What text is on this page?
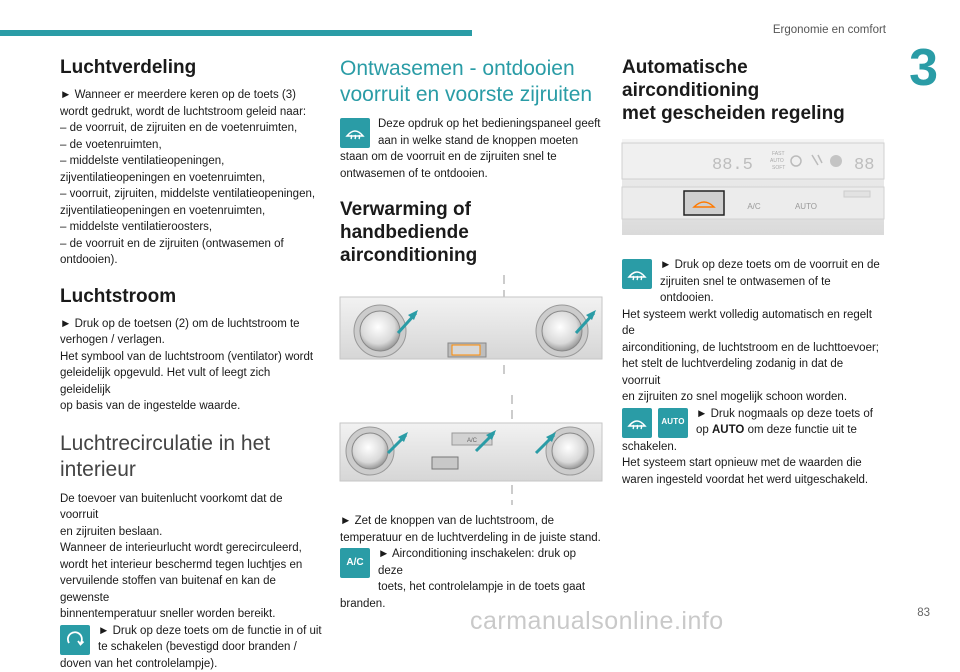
Ergonomie en comfort
3
83
carmanualsonline.info
Luchtverdeling

► Wanneer er meerdere keren op de toets (3)

wordt gedrukt, wordt de luchtstroom geleid naar:

– de voorruit, de zijruiten en de voetenruimten,

– de voetenruimten,

– middelste ventilatieopeningen,

zijventilatieopeningen en voetenruimten,

– voorruit, zijruiten, middelste ventilatieopeningen,

zijventilatieopeningen en voetenruimten,

– middelste ventilatieroosters,

– de voorruit en de zijruiten (ontwasemen of

ontdooien).

Luchtstroom

► Druk op de toetsen (2) om de luchtstroom te

verhogen / verlagen.

Het symbool van de luchtstroom (ventilator) wordt

geleidelijk opgevuld. Het vult of leegt zich geleidelijk

op basis van de ingestelde waarde.

Luchtrecirculatie in het
interieur

De toevoer van buitenlucht voorkomt dat de voorruit

en zijruiten beslaan.

Wanneer de interieurlucht wordt gerecirculeerd,

wordt het interieur beschermd tegen luchtjes en

vervuilende stoffen van buitenaf en kan de gewenste

binnentemperatuur sneller worden bereikt.

► Druk op deze toets om de functie in of uit

te schakelen (bevestigd door branden /

doven van het controlelampje).

Ontwasemen - ontdooien
voorruit en voorste zijruiten

Deze opdruk op het bedieningspaneel geeft

aan in welke stand de knoppen moeten

staan om de voorruit en de zijruiten snel te

ontwasemen of te ontdooien.

Verwarming of handbediende
airconditioning
A/C

► Zet de knoppen van de luchtstroom, de

temperatuur en de luchtverdeling in de juiste stand.

A/C

► Airconditioning inschakelen: druk op deze

toets, het controlelampje in de toets gaat

branden.

Automatische airconditioning
met gescheiden regeling
88.5
FAST
AUTO
SOFT	88
A/C	AUTO

► Druk op deze toets om de voorruit en de

zijruiten snel te ontwasemen of te ontdooien.

Het systeem werkt volledig automatisch en regelt de

airconditioning, de luchtstroom en de luchttoevoer;

het stelt de luchtverdeling zodanig in dat de voorruit

en zijruiten zo snel mogelijk schoon worden.

AUTO

► Druk nogmaals op deze toets of

op AUTO om deze functie uit te

schakelen.

Het systeem start opnieuw met de waarden die

waren ingesteld voordat het werd uitgeschakeld.
